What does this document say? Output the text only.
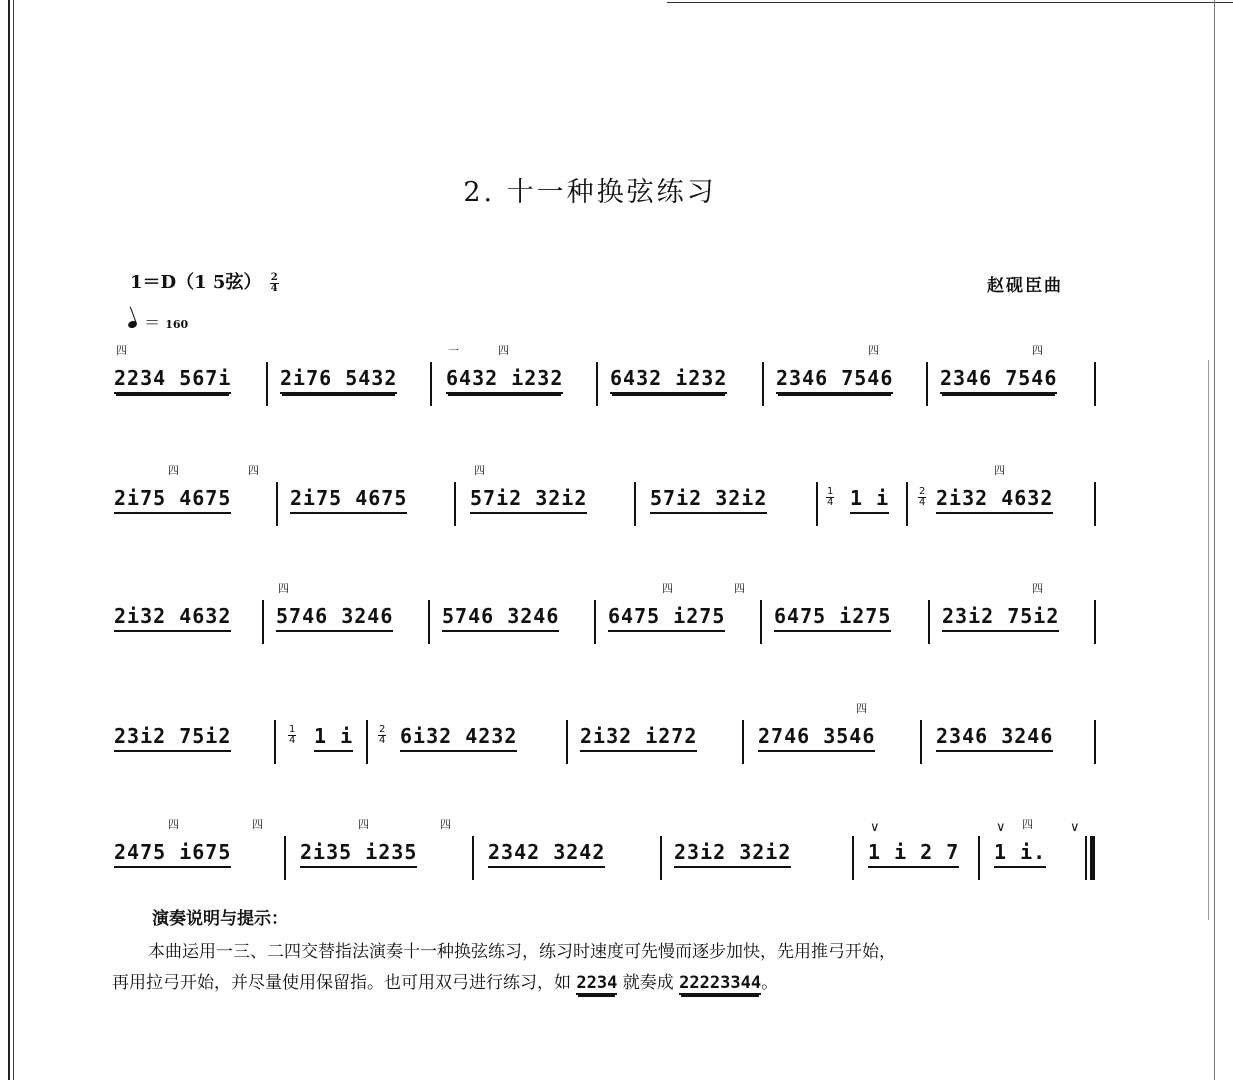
2. 十一种换弦练习
1＝D（1 5弦） $\frac{2}{4}$	赵砚臣曲
＝ 160
四
2234 567i 2i76 5432
一	四
6432 i232 6432 i232
四
2346 7546
四
2346 7546
四	四
2i75 4675	2i75 4675
四
57i2 32i2	57i2 32i2	$\frac{1}{4} 1$ i	$\frac{2}{4}$
四
2i32 4632
2i32 4632
四
5746 3246 5746 3246
四	四
6475 i275 6475 i275
四
23i2 75i2
23i2 75i2	$\frac{1}{4} 1$ i $\frac{2}{4} 6i32$ 4232	2i32 i272
四
2746 3546	2346 3246
四	四
2475 i675
四	四
2i35 i235	2342 3242	23i2 32i2
∨
1 i 2 7
∨ 四
1 i.
∨
演奏说明与提示：
本曲运用一三、二四交替指法演奏十一种换弦练习，练习时速度可先慢而逐步加快，先用推弓开始，
再用拉弓开始，并尽量使用保留指。也可用双弓进行练习，如 2234 就奏成 22223344。
